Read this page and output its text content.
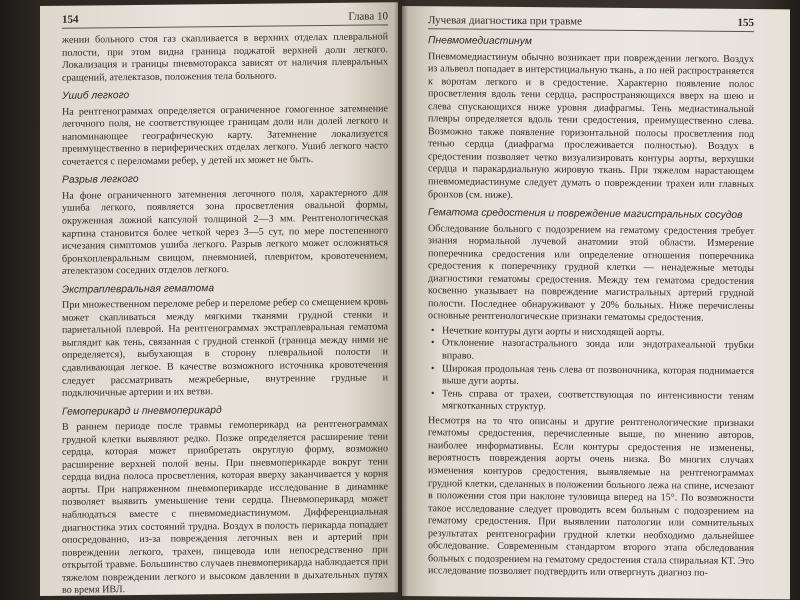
154	Глава 10

жении больного стоя газ скапливается в верхних отделах плевральной полости, при этом видна граница поджатой верхней доли легкого. Локализация и границы пневмоторакса зависят от наличия плевральных сращений, ателектазов, положения тела больного.

Ушиб легкого

На рентгенограммах определяется ограниченное гомогенное затемнение легочного поля, не соответствующее границам доли или долей легкого и напоминающее географическую карту. Затемнение локализуется преимущественно в периферических отделах легкого. Ушиб легкого часто сочетается с переломами ребер, у детей их может не быть.

Разрыв легкого

На фоне ограниченного затемнения легочного поля, характерного для ушиба легкого, появляется зона просветления овальной формы, окруженная ложной капсулой толщиной 2—3 мм. Рентгенологическая картина становится более четкой через 3—5 сут, по мере постепенного исчезания симптомов ушиба легкого. Разрыв легкого может осложняться бронхоплевральным свищом, пневмонией, плевритом, кровотечением, ателектазом соседних отделов легкого.

Экстраплевральная гематома

При множественном переломе ребер и переломе ребер со смещением кровь может скапливаться между мягкими тканями грудной стенки и париетальной плеврой. На рентгенограммах экстраплевральная гематома выглядит как тень, связанная с грудной стенкой (граница между ними не определяется), выбухающая в сторону плевральной полости и сдавливающая легкое. В качестве возможного источника кровотечения следует рассматривать межреберные, внутренние грудные и подключичные артерии и их ветви.

Гемоперикард и пневмоперикард

В раннем периоде после травмы гемоперикард на рентгенограммах грудной клетки выявляют редко. Позже определяется расширение тени сердца, которая может приобретать округлую форму, возможно расширение верхней полой вены. При пневмоперикарде вокруг тени сердца видна полоса просветления, которая вверху заканчивается у корня аорты. При напряженном пневмоперикарде исследование в динамике позволяет выявить уменьшение тени сердца. Пневмоперикард может наблюдаться вместе с пневмомедиастинумом. Дифференциальная диагностика этих состояний трудна. Воздух в полость перикарда попадает опосредованно, из-за повреждения легочных вен и артерий при повреждении легкого, трахеи, пищевода или непосредственно при открытой травме. Большинство случаев пневмоперикарда наблюдается при тяжелом повреждении легкого и высоком давлении в дыхательных путях во время ИВЛ.

Лучевая диагностика при травме	155
Пневмомедиастинум

Пневмомедиастинум обычно возникает при повреждении легкого. Воздух из альвеол попадает в интерстициальную ткань, а по ней распространяется к воротам легкого и в средостение. Характерно появление полос просветления вдоль тени сердца, распространяющихся вверх на шею и слева спускающихся ниже уровня диафрагмы. Тень медиастинальной плевры определяется вдоль тени средостения, преимущественно слева. Возможно также появление горизонтальной полосы просветления под тенью сердца (диафрагма прослеживается полностью). Воздух в средостении позволяет четко визуализировать контуры аорты, верхушки сердца и паракардиальную жировую ткань. При тяжелом нарастающем пневмомедиастинуме следует думать о повреждении трахеи или главных бронхов (см. ниже).

Гематома средостения и повреждение магистральных сосудов

Обследование больного с подозрением на гематому средостения требует знания нормальной лучевой анатомии этой области. Измерение поперечника средостения или определение отношения поперечника средостения к поперечнику грудной клетки — ненадежные методы диагностики гематомы средостения. Между тем гематома средостения косвенно указывает на повреждение магистральных артерий грудной полости. Последнее обнаруживают у 20% больных. Ниже перечислены основные рентгенологические признаки гематомы средостения.

• Нечеткие контуры дуги аорты и нисходящей аорты.
• Отклонение назогастрального зонда или эндотрахеальной трубки вправо.
• Широкая продольная тень слева от позвоночника, которая поднимается выше дуги аорты.
• Тень справа от трахеи, соответствующая по интенсивности теням мягкотканных структур.

Несмотря на то что описаны и другие рентгенологические признаки гематомы средостения, перечисленные выше, по мнению авторов, наиболее информативны. Если контуры средостения не изменены, вероятность повреждения аорты очень низка. Во многих случаях изменения контуров средостения, выявляемые на рентгенограммах грудной клетки, сделанных в положении больного лежа на спине, исчезают в положении стоя при наклоне туловища вперед на 15°. По возможности такое исследование следует проводить всем больным с подозрением на гематому средостения. При выявлении патологии или сомнительных результатах рентгенографии грудной клетки необходимо дальнейшее обследование. Современным стандартом второго этапа обследования больных с подозрением на гематому средостения стала спиральная КТ. Это исследование позволяет подтвердить или отвергнуть диагноз по-
